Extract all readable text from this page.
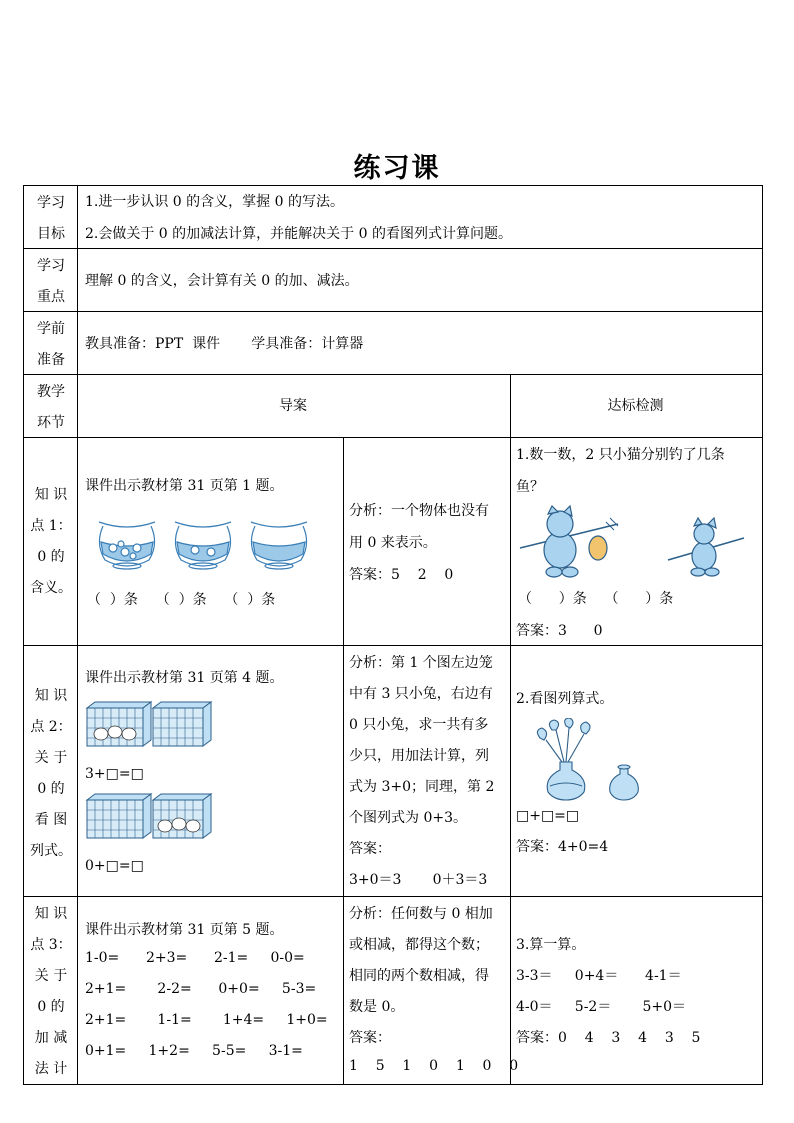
练习课
学习
目标
1.进一步认识 0 的含义，掌握 0 的写法。
2.会做关于 0 的加减法计算，并能解决关于 0 的看图列式计算问题。
学习
重点
理解 0 的含义，会计算有关 0 的加、减法。
学前
准备
教具准备：PPT  课件       学具准备：计算器
教学
环节
导案	达标检测
知 识
点 1：
0 的
含义。
课件出示教材第 31 页第 1 题。
（  ）条    （  ）条    （  ）条
分析：一个物体也没有
用 0 来表示。
答案：5    2    0
1.数一数，2 只小猫分别钓了几条
鱼？
（      ）条    （      ）条
答案：3      0
知 识
点 2：
关 于
0 的
看 图
列式。
课件出示教材第 31 页第 4 题。
3+□=□
0+□=□
分析：第 1 个图左边笼
中有 3 只小兔，右边有
0 只小兔，求一共有多
少只，用加法计算，列
式为 3+0；同理，第 2
个图列式为 0+3。
答案：
3+0＝3       0＋3＝3
2.看图列算式。
□+□=□
答案：4+0=4
知 识
点 3：
关 于
0 的
加 减
法 计
课件出示教材第 31 页第 5 题。
1-0=      2+3=      2-1=     0-0=
2+1=       2-2=      0+0=     5-3=
2+1=       1-1=       1+4=     1+0=
0+1=     1+2=     5-5=     3-1=
分析：任何数与 0 相加
或相减，都得这个数；
相同的两个数相减，得
数是 0。
答案：
1    5    1    0    1    0    0
3.算一算。
3-3＝     0+4＝      4-1＝
4-0＝     5-2＝       5+0＝
答案：0    4    3    4    3    5
